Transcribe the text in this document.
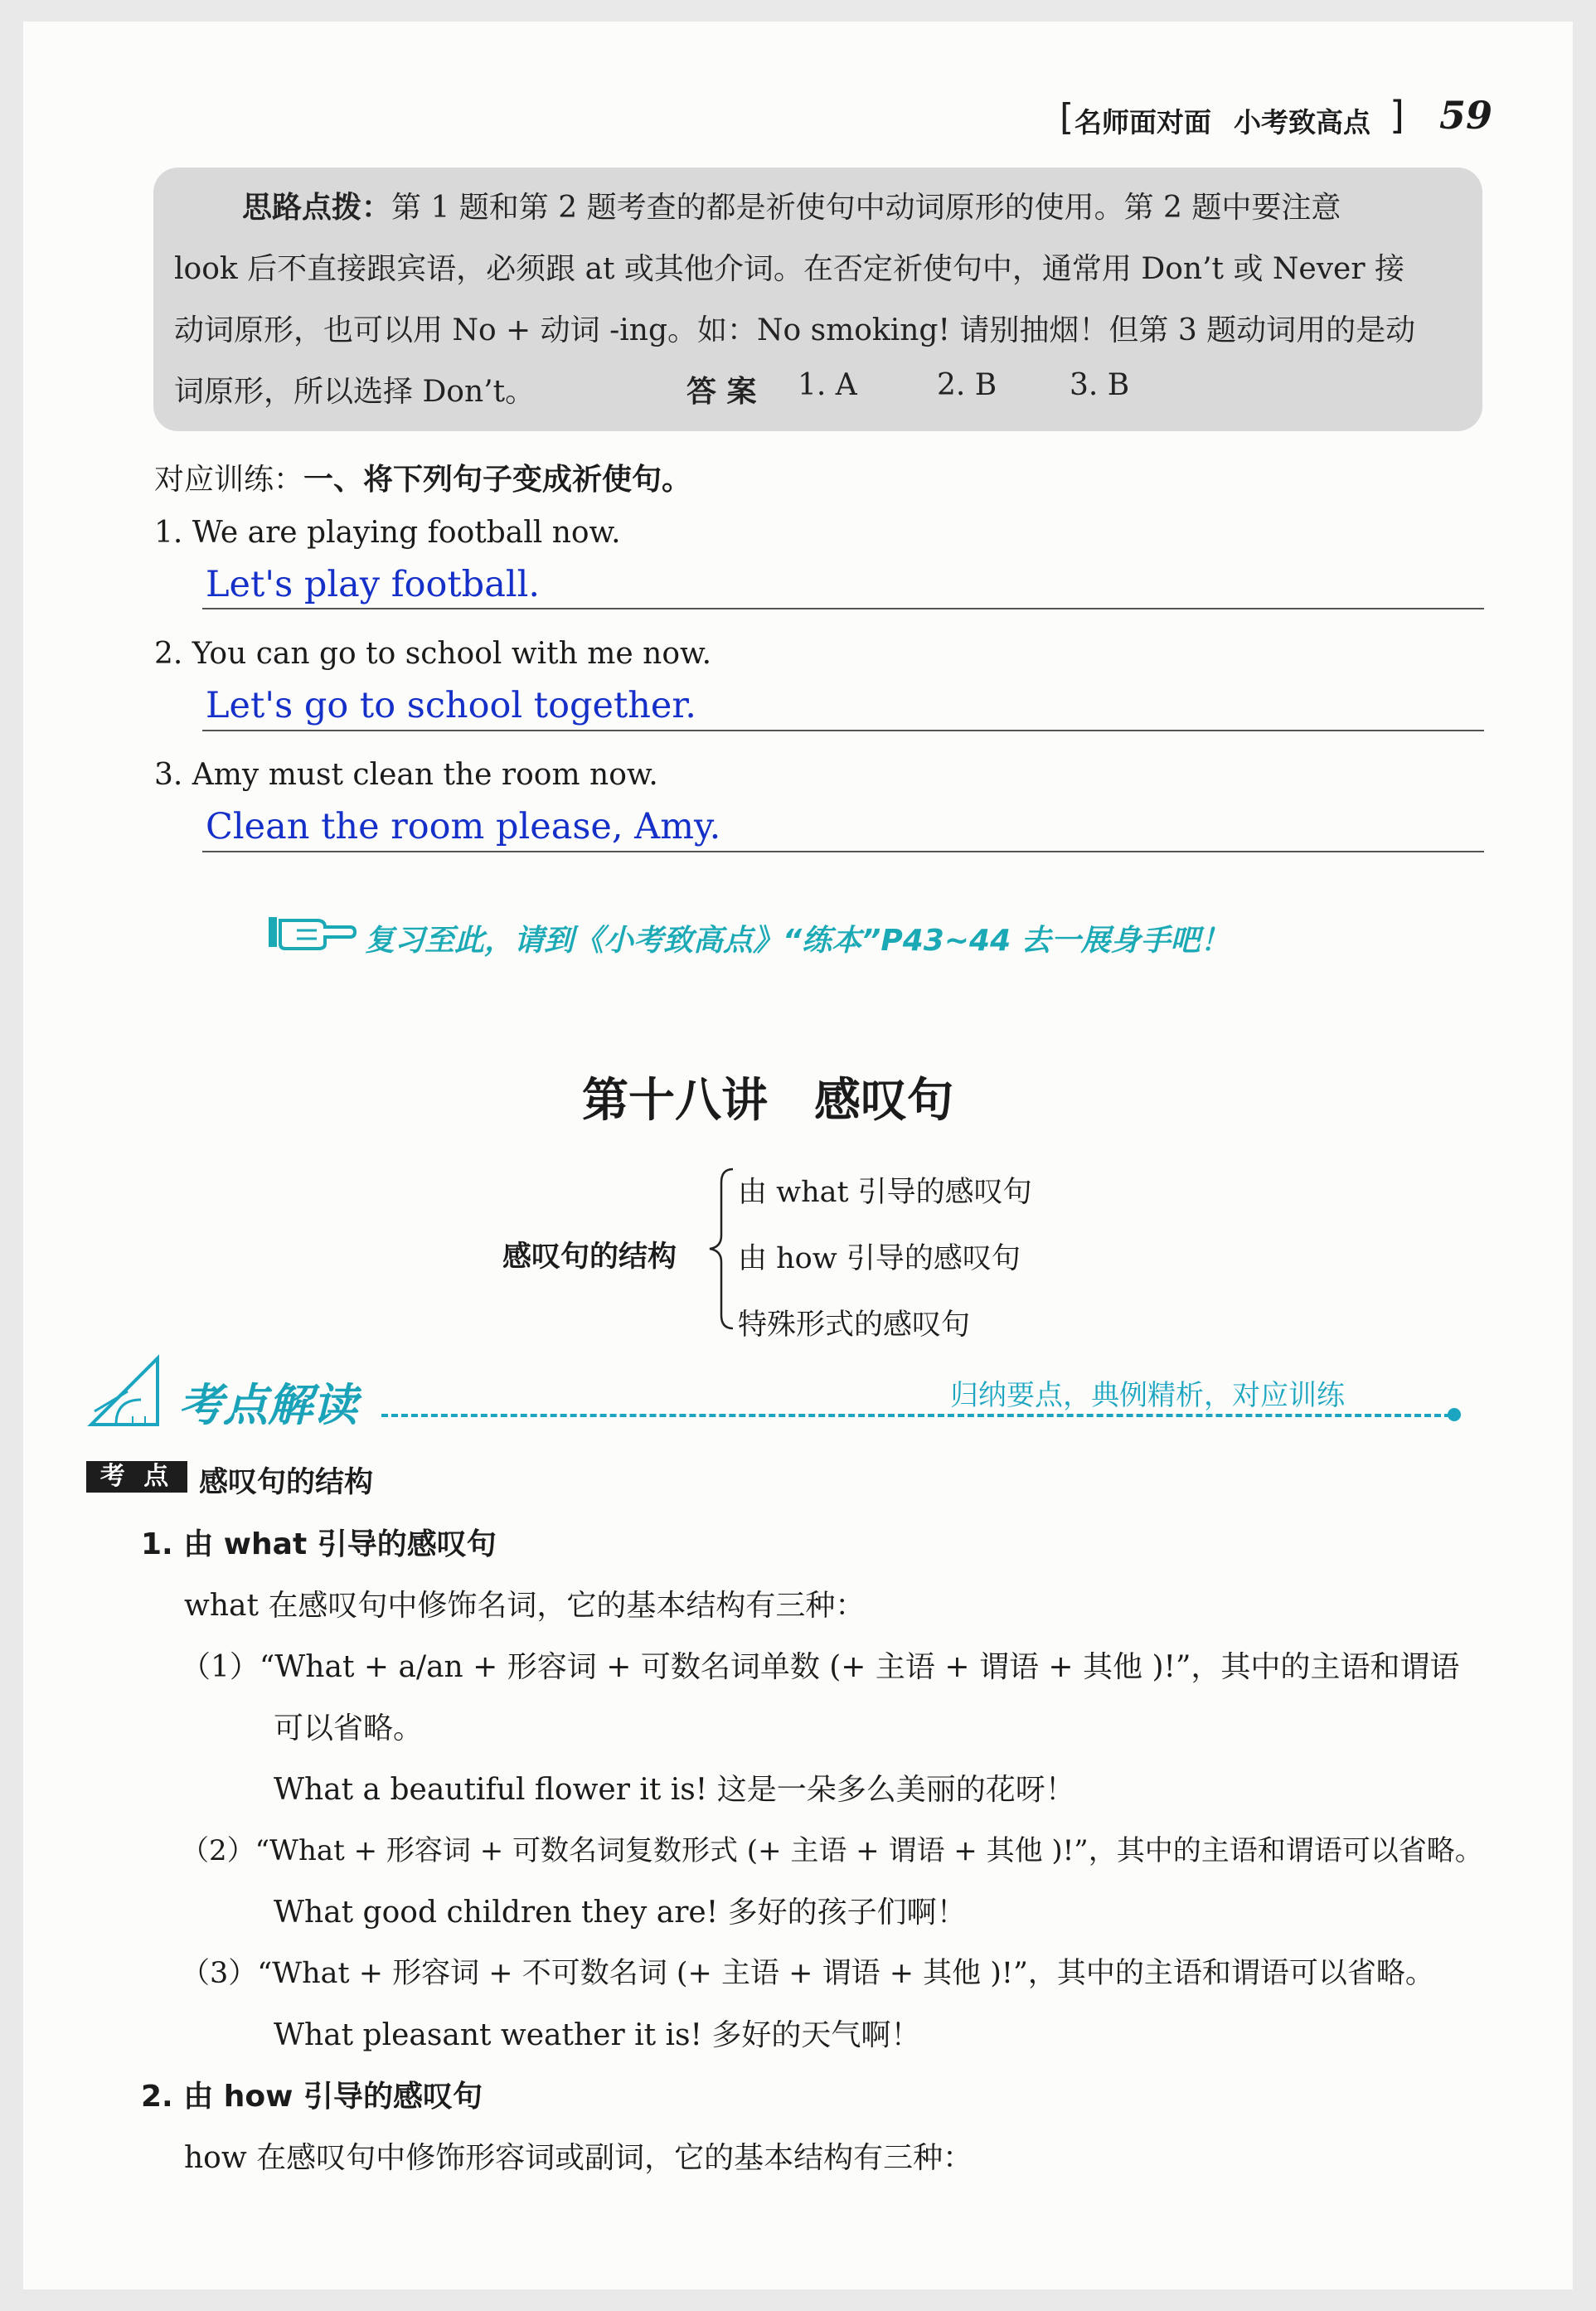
[ 名师面对面 小考致高点 ] 59
思路点拨：第 1 题和第 2 题考查的都是祈使句中动词原形的使用。第 2 题中要注意
look 后不直接跟宾语，必须跟 at 或其他介词。在否定祈使句中，通常用 Don’t 或 Never 接
动词原形，也可以用 No + 动词 -ing。如：No smoking! 请别抽烟！但第 3 题动词用的是动
词原形，所以选择 Don’t。	答 案 1. A	2. B 3. B
对应训练：一、将下列句子变成祈使句。
1. We are playing football now.
Let's play football.
2. You can go to school with me now.
Let's go to school together.
3. Amy must clean the room now.
Clean the room please, Amy.
复习至此，请到《小考致高点》“练本”P43~44 去一展身手吧！
第十八讲　感叹句
感叹句的结构
由 what 引导的感叹句
由 how 引导的感叹句
特殊形式的感叹句
考点解读	归纳要点，典例精析，对应训练
考 点 感叹句的结构
1. 由 what 引导的感叹句
what 在感叹句中修饰名词，它的基本结构有三种：
（1）“What + a/an + 形容词 + 可数名词单数 (+ 主语 + 谓语 + 其他 )!”，其中的主语和谓语
可以省略。
What a beautiful flower it is! 这是一朵多么美丽的花呀！
（2）“What + 形容词 + 可数名词复数形式 (+ 主语 + 谓语 + 其他 )!”，其中的主语和谓语可以省略。
What good children they are! 多好的孩子们啊！
（3）“What + 形容词 + 不可数名词 (+ 主语 + 谓语 + 其他 )!”，其中的主语和谓语可以省略。
What pleasant weather it is! 多好的天气啊！
2. 由 how 引导的感叹句
how 在感叹句中修饰形容词或副词，它的基本结构有三种：
